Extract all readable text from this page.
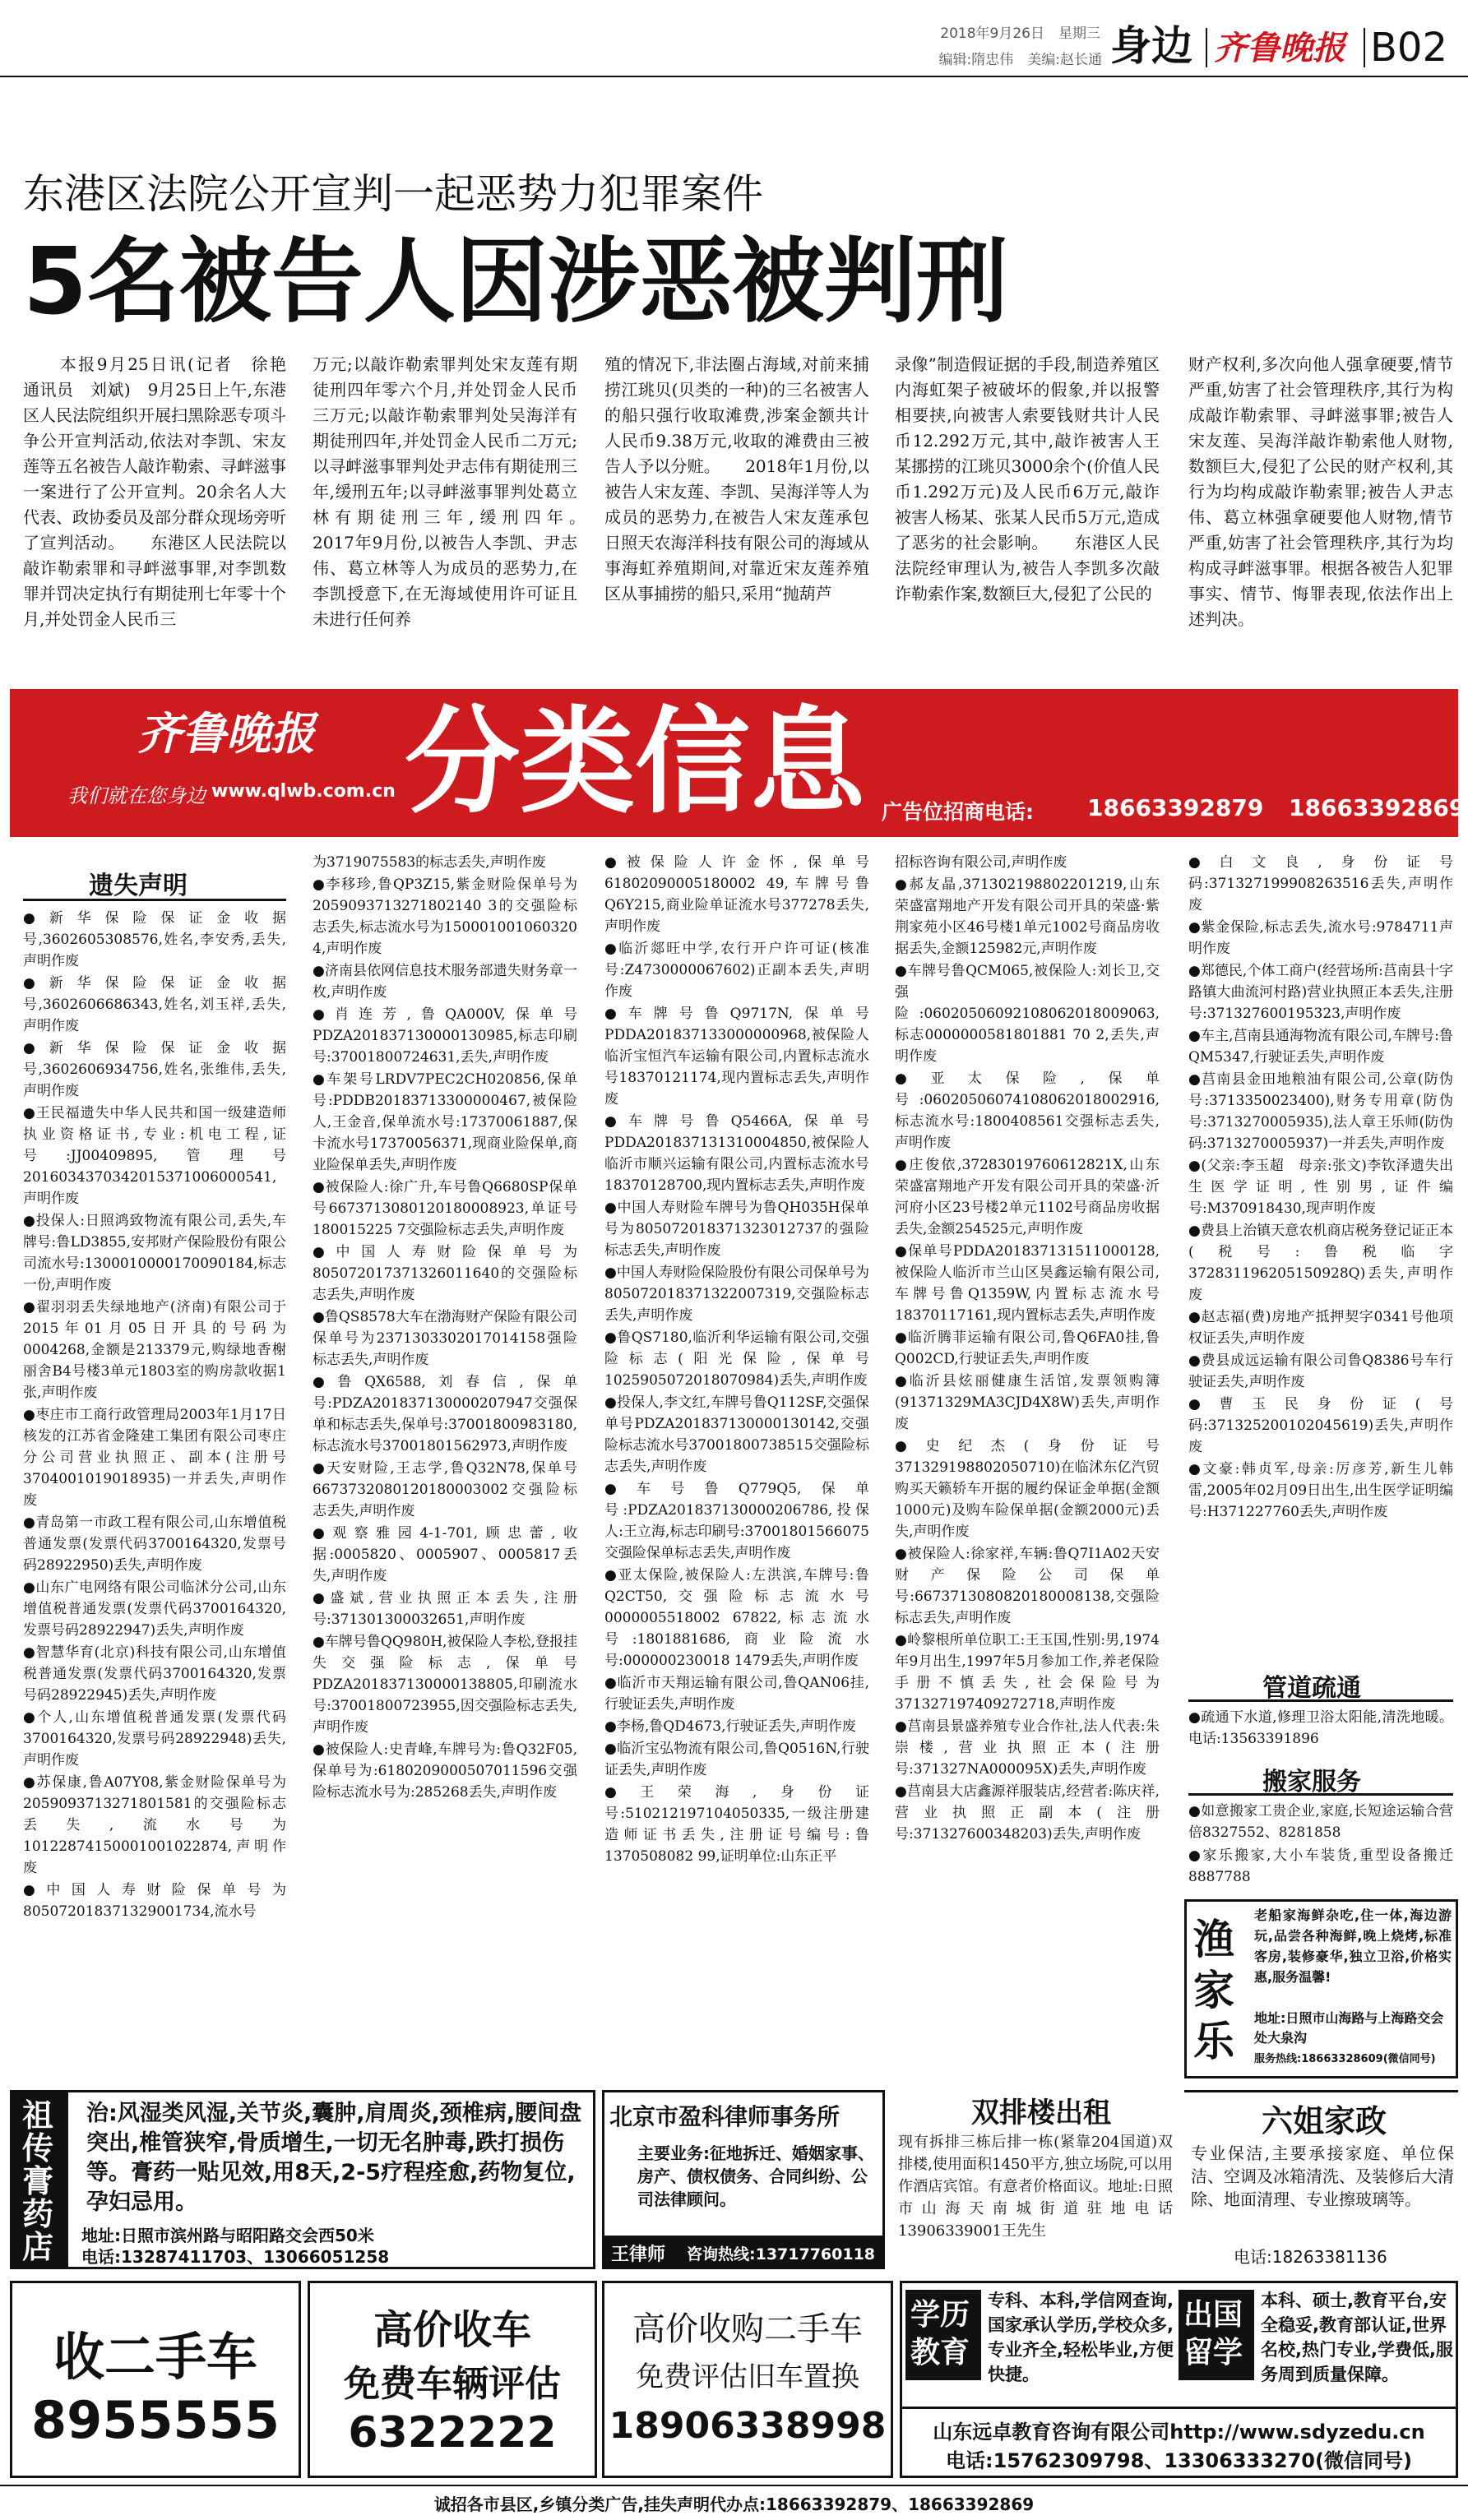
2018年9月26日　星期三
编辑:隋忠伟　美编:赵长通 身边 齐鲁晚报 B02
东港区法院公开宣判一起恶势力犯罪案件
5名被告人因涉恶被判刑
　　本报9月25日讯(记者　徐艳　通讯员　刘斌)　9月25日上午,东港区人民法院组织开展扫黑除恶专项斗争公开宣判活动,依法对李凯、宋友莲等五名被告人敲诈勒索、寻衅滋事一案进行了公开宣判。20余名人大代表、政协委员及部分群众现场旁听了宣判活动。　　东港区人民法院以敲诈勒索罪和寻衅滋事罪,对李凯数罪并罚决定执行有期徒刑七年零十个月,并处罚金人民币三
万元;以敲诈勒索罪判处宋友莲有期徒刑四年零六个月,并处罚金人民币三万元;以敲诈勒索罪判处吴海洋有期徒刑四年,并处罚金人民币二万元;以寻衅滋事罪判处尹志伟有期徒刑三年,缓刑五年;以寻衅滋事罪判处葛立林有期徒刑三年,缓刑四年。　　2017年9月份,以被告人李凯、尹志伟、葛立林等人为成员的恶势力,在李凯授意下,在无海域使用许可证且未进行任何养
殖的情况下,非法圈占海域,对前来捕捞江珧贝(贝类的一种)的三名被害人的船只强行收取滩费,涉案金额共计人民币9.38万元,收取的滩费由三被告人予以分赃。　　2018年1月份,以被告人宋友莲、李凯、吴海洋等人为成员的恶势力,在被告人宋友莲承包日照天农海洋科技有限公司的海域从事海虹养殖期间,对靠近宋友莲养殖区从事捕捞的船只,采用“抛葫芦
录像”制造假证据的手段,制造养殖区内海虹架子被破坏的假象,并以报警相要挟,向被害人索要钱财共计人民币12.292万元,其中,敲诈被害人王某挪捞的江珧贝3000余个(价值人民币1.292万元)及人民币6万元,敲诈被害人杨某、张某人民币5万元,造成了恶劣的社会影响。　　东港区人民法院经审理认为,被告人李凯多次敲诈勒索作案,数额巨大,侵犯了公民的
财产权利,多次向他人强拿硬要,情节严重,妨害了社会管理秩序,其行为构成敲诈勒索罪、寻衅滋事罪;被告人宋友莲、吴海洋敲诈勒索他人财物,数额巨大,侵犯了公民的财产权利,其行为均构成敲诈勒索罪;被告人尹志伟、葛立林强拿硬要他人财物,情节严重,妨害了社会管理秩序,其行为均构成寻衅滋事罪。根据各被告人犯罪事实、情节、悔罪表现,依法作出上述判决。
齐鲁晚报
我们就在您身边 www.qlwb.com.cn 分类信息 广告位招商电话:	18663392879 18663392869
遗失声明

●新华保险保证金收据号,3602605308576,姓名,李安秀,丢失,声明作废

●新华保险保证金收据号,3602606686343,姓名,刘玉祥,丢失,声明作废

●新华保险保证金收据号,3602606934756,姓名,张维伟,丢失,声明作废

●王民福遗失中华人民共和国一级建造师执业资格证书,专业:机电工程,证号:JJ00409895,管理号2016034370342015371006000541,声明作废

●投保人:日照鸿致物流有限公司,丢失,车牌号:鲁LD3855,安邦财产保险股份有限公司流水号:1300010000170090184,标志一份,声明作废

●翟羽羽丢失绿地地产(济南)有限公司于2015年01月05日开具的号码为0004268,金额是213379元,购绿地香榭丽舍B4号楼3单元1803室的购房款收据1张,声明作废

●枣庄市工商行政管理局2003年1月17日核发的江苏省金隆建工集团有限公司枣庄分公司营业执照正、副本(注册号3704001019018935)一并丢失,声明作废

●青岛第一市政工程有限公司,山东增值税普通发票(发票代码3700164320,发票号码28922950)丢失,声明作废

●山东广电网络有限公司临沭分公司,山东增值税普通发票(发票代码3700164320,发票号码28922947)丢失,声明作废

●智慧华育(北京)科技有限公司,山东增值税普通发票(发票代码3700164320,发票号码28922945)丢失,声明作废

●个人,山东增值税普通发票(发票代码3700164320,发票号码28922948)丢失,声明作废

●苏保康,鲁A07Y08,紫金财险保单号为2059093713271801581的交强险标志丢失,流水号为10122874150001001022874,声明作废

●中国人寿财险保单号为805072018371329001734,流水号

为3719075583的标志丢失,声明作废

●李移珍,鲁QP3Z15,紫金财险保单号为2059093713271802140 3的交强险标志丢失,标志流水号为150001001060320 4,声明作废

●济南县依网信息技术服务部遗失财务章一枚,声明作废

●肖连芳,鲁QA000V,保单号PDZA201837130000130985,标志印刷号:37001800724631,丢失,声明作废

●车架号LRDV7PEC2CH020856,保单号:PDDB20183713300000467,被保险人,王金音,保单流水号:17370061887,保卡流水号17370056371,现商业险保单,商业险保单丢失,声明作废

●被保险人:徐广升,车号鲁Q6680SP保单号6673713080120180008923,单证号180015225 7交强险标志丢失,声明作废

●中国人寿财险保单号为805072017371326011640的交强险标志丢失,声明作废

●鲁QS8578大车在渤海财产保险有限公司保单号为2371303302017014158强险标志丢失,声明作废

●鲁QX6588,刘春信,保单号:PDZA201837130000207947交强保单和标志丢失,保单号:37001800983180,标志流水号37001801562973,声明作废

●天安财险,王志学,鲁Q32N78,保单号6673732080120180003002交强险标志丢失,声明作废

●观察雅园4-1-701,顾忠蕾,收据:0005820、0005907、0005817丢失,声明作废

●盛斌,营业执照正本丢失,注册号:371301300032651,声明作废

●车牌号鲁QQ980H,被保险人李松,登报挂失交强险标志,保单号PDZA201837130000138805,印刷流水号:37001800723955,因交强险标志丢失,声明作废

●被保险人:史青峰,车牌号为:鲁Q32F05,保单号为:6180209000507011596交强险标志流水号为:285268丢失,声明作废

●被保险人许金怀,保单号61802090005180002 49,车牌号鲁Q6Y215,商业险单证流水号377278丢失,声明作废

●临沂郯旺中学,农行开户许可证(核准号:Z4730000067602)正副本丢失,声明作废

●车牌号鲁Q9717N,保单号PDDA201837133000000968,被保险人临沂宝恒汽车运输有限公司,内置标志流水号18370121174,现内置标志丢失,声明作废

●车牌号鲁Q5466A,保单号PDDA201837131310004850,被保险人临沂市顺兴运输有限公司,内置标志流水号18370128700,现内置标志丢失,声明作废

●中国人寿财险车牌号为鲁QH035H保单号为805072018371323012737的强险标志丢失,声明作废

●中国人寿财险保险股份有限公司保单号为805072018371322007319,交强险标志丢失,声明作废

●鲁QS7180,临沂利华运输有限公司,交强险标志(阳光保险,保单号1025905072018070984)丢失,声明作废

●投保人,李文红,车牌号鲁Q112SF,交强保单号PDZA201837130000130142,交强险标志流水号37001800738515交强险标志丢失,声明作废

●车号鲁Q779Q5,保单号:PDZA201837130000206786,投保人:王立海,标志印刷号:37001801566075交强险保单标志丢失,声明作废

●亚太保险,被保险人:左洪滨,车牌号:鲁Q2CT50,交强险标志流水号0000005518002 67822,标志流水号:1801881686,商业险流水号:000000230018 1479丢失,声明作废

●临沂市天翔运输有限公司,鲁QAN06挂,行驶证丢失,声明作废

●李杨,鲁QD4673,行驶证丢失,声明作废

●临沂宝弘物流有限公司,鲁Q0516N,行驶证丢失,声明作废

●王荣海,身份证号:510212197104050335,一级注册建造师证书丢失,注册证号编号:鲁1370508082 99,证明单位:山东正平

招标咨询有限公司,声明作废

●郝友晶,371302198802201219,山东荣盛富翔地产开发有限公司开具的荣盛·紫荆家苑小区46号楼1单元1002号商品房收据丢失,金额125982元,声明作废

●车牌号鲁QCM065,被保险人:刘长卫,交强险:06020506092108062018009063,标志0000000581801881 70 2,丢失,声明作废

●亚太保险,保单号:06020506074108062018002916,标志流水号:1800408561交强标志丢失,声明作废

●庄俊依,37283019760612821X,山东荣盛富翔地产开发有限公司开具的荣盛·沂河府小区23号楼2单元1102号商品房收据丢失,金额254525元,声明作废

●保单号PDDA201837131511000128,被保险人临沂市兰山区昊鑫运输有限公司,车牌号鲁Q1359W,内置标志流水号18370117161,现内置标志丢失,声明作废

●临沂腾菲运输有限公司,鲁Q6FA0挂,鲁Q002CD,行驶证丢失,声明作废

●临沂县炫丽健康生活馆,发票领购簿(91371329MA3CJD4X8W)丢失,声明作废

●史纪杰(身份证号371329198802050710)在临沭东亿汽贸购买天籁轿车开据的履约保证金单据(金额1000元)及购车险保单据(金额2000元)丢失,声明作废

●被保险人:徐家祥,车辆:鲁Q7I1A02天安财产保险公司保单号:6673713080820180008138,交强险标志丢失,声明作废

●岭黎根所单位职工:王玉国,性别:男,1974年9月出生,1997年5月参加工作,养老保险手册不慎丢失,社会保险号为371327197409272718,声明作废

●莒南县景盛养殖专业合作社,法人代表:朱崇楼,营业执照正本(注册号:371327NA000095X)丢失,声明作废

●莒南县大店鑫源祥服装店,经营者:陈庆祥,营业执照正副本(注册号:371327600348203)丢失,声明作废

●白文良,身份证号码:371327199908263516丢失,声明作废

●紫金保险,标志丢失,流水号:9784711声明作废

●郑德民,个体工商户(经营场所:莒南县十字路镇大曲流河村路)营业执照正本丢失,注册号:371327600195323,声明作废

●车主,莒南县通海物流有限公司,车牌号:鲁QM5347,行驶证丢失,声明作废

●莒南县金田地粮油有限公司,公章(防伪号:3713350023400),财务专用章(防伪号:3713270005935),法人章王乐师(防伪码:3713270005937)一并丢失,声明作废

●(父亲:李玉超　母亲:张文)李钦泽遗失出生医学证明,性别男,证件编号:M370918430,现声明作废

●费县上治镇天意农机商店税务登记证正本(税号:鲁税临字372831196205150928Q)丢失,声明作废

●赵志福(费)房地产抵押契字0341号他项权证丢失,声明作废

●费县成远运输有限公司鲁Q8386号车行驶证丢失,声明作废

●曹玉民身份证(号码:371325200102045619)丢失,声明作废

●文豪:韩贞军,母亲:厉彦芳,新生儿韩雷,2005年02月09日出生,出生医学证明编号:H371227760丢失,声明作废

管道疏通
●疏通下水道,修理卫浴太阳能,清洗地暖。电话:13563391896
搬家服务
●如意搬家工贵企业,家庭,长短途运输合营倍8327552、8281858
●家乐搬家,大小车装货,重型设备搬迁8887788
渔
家
乐
老船家海鲜杂吃,住一体,海边游玩,品尝各种海鲜,晚上烧烤,标准客房,装修豪华,独立卫浴,价格实惠,服务温馨!
地址:日照市山海路与上海路交会处大泉沟
服务热线:18663328609(微信同号)
祖传膏药店
治:风湿类风湿,关节炎,囊肿,肩周炎,颈椎病,腰间盘突出,椎管狭窄,骨质增生,一切无名肿毒,跌打损伤等。膏药一贴见效,用8天,2-5疗程痊愈,药物复位,孕妇忌用。
地址:日照市滨州路与昭阳路交会西50米
电话:13287411703、13066051258
北京市盈科律师事务所
主要业务:征地拆迁、婚姻家事、房产、债权债务、合同纠纷、公司法律顾问。
王律师	咨询热线:13717760118
双排楼出租
现有拆排三栋后排一栋(紧靠204国道)双排楼,使用面积1450平方,独立场院,可以用作酒店宾馆。有意者价格面议。地址:日照市山海天南城街道驻地电话13906339001王先生
六姐家政
专业保洁,主要承接家庭、单位保洁、空调及冰箱清洗、及装修后大清除、地面清理、专业擦玻璃等。
电话:18263381136
收二手车
8955555
高价收车
免费车辆评估
6322222
高价收购二手车
免费评估旧车置换
18906338998
学历教育
专科、本科,学信网查询,国家承认学历,学校众多,专业齐全,轻松毕业,方便快捷。
出国留学
本科、硕士,教育平台,安全稳妥,教育部认证,世界名校,热门专业,学费低,服务周到质量保障。
山东远卓教育咨询有限公司http://www.sdyzedu.cn
电话:15762309798、13306333270(微信同号)
诚招各市县区,乡镇分类广告,挂失声明代办点:18663392879、18663392869
